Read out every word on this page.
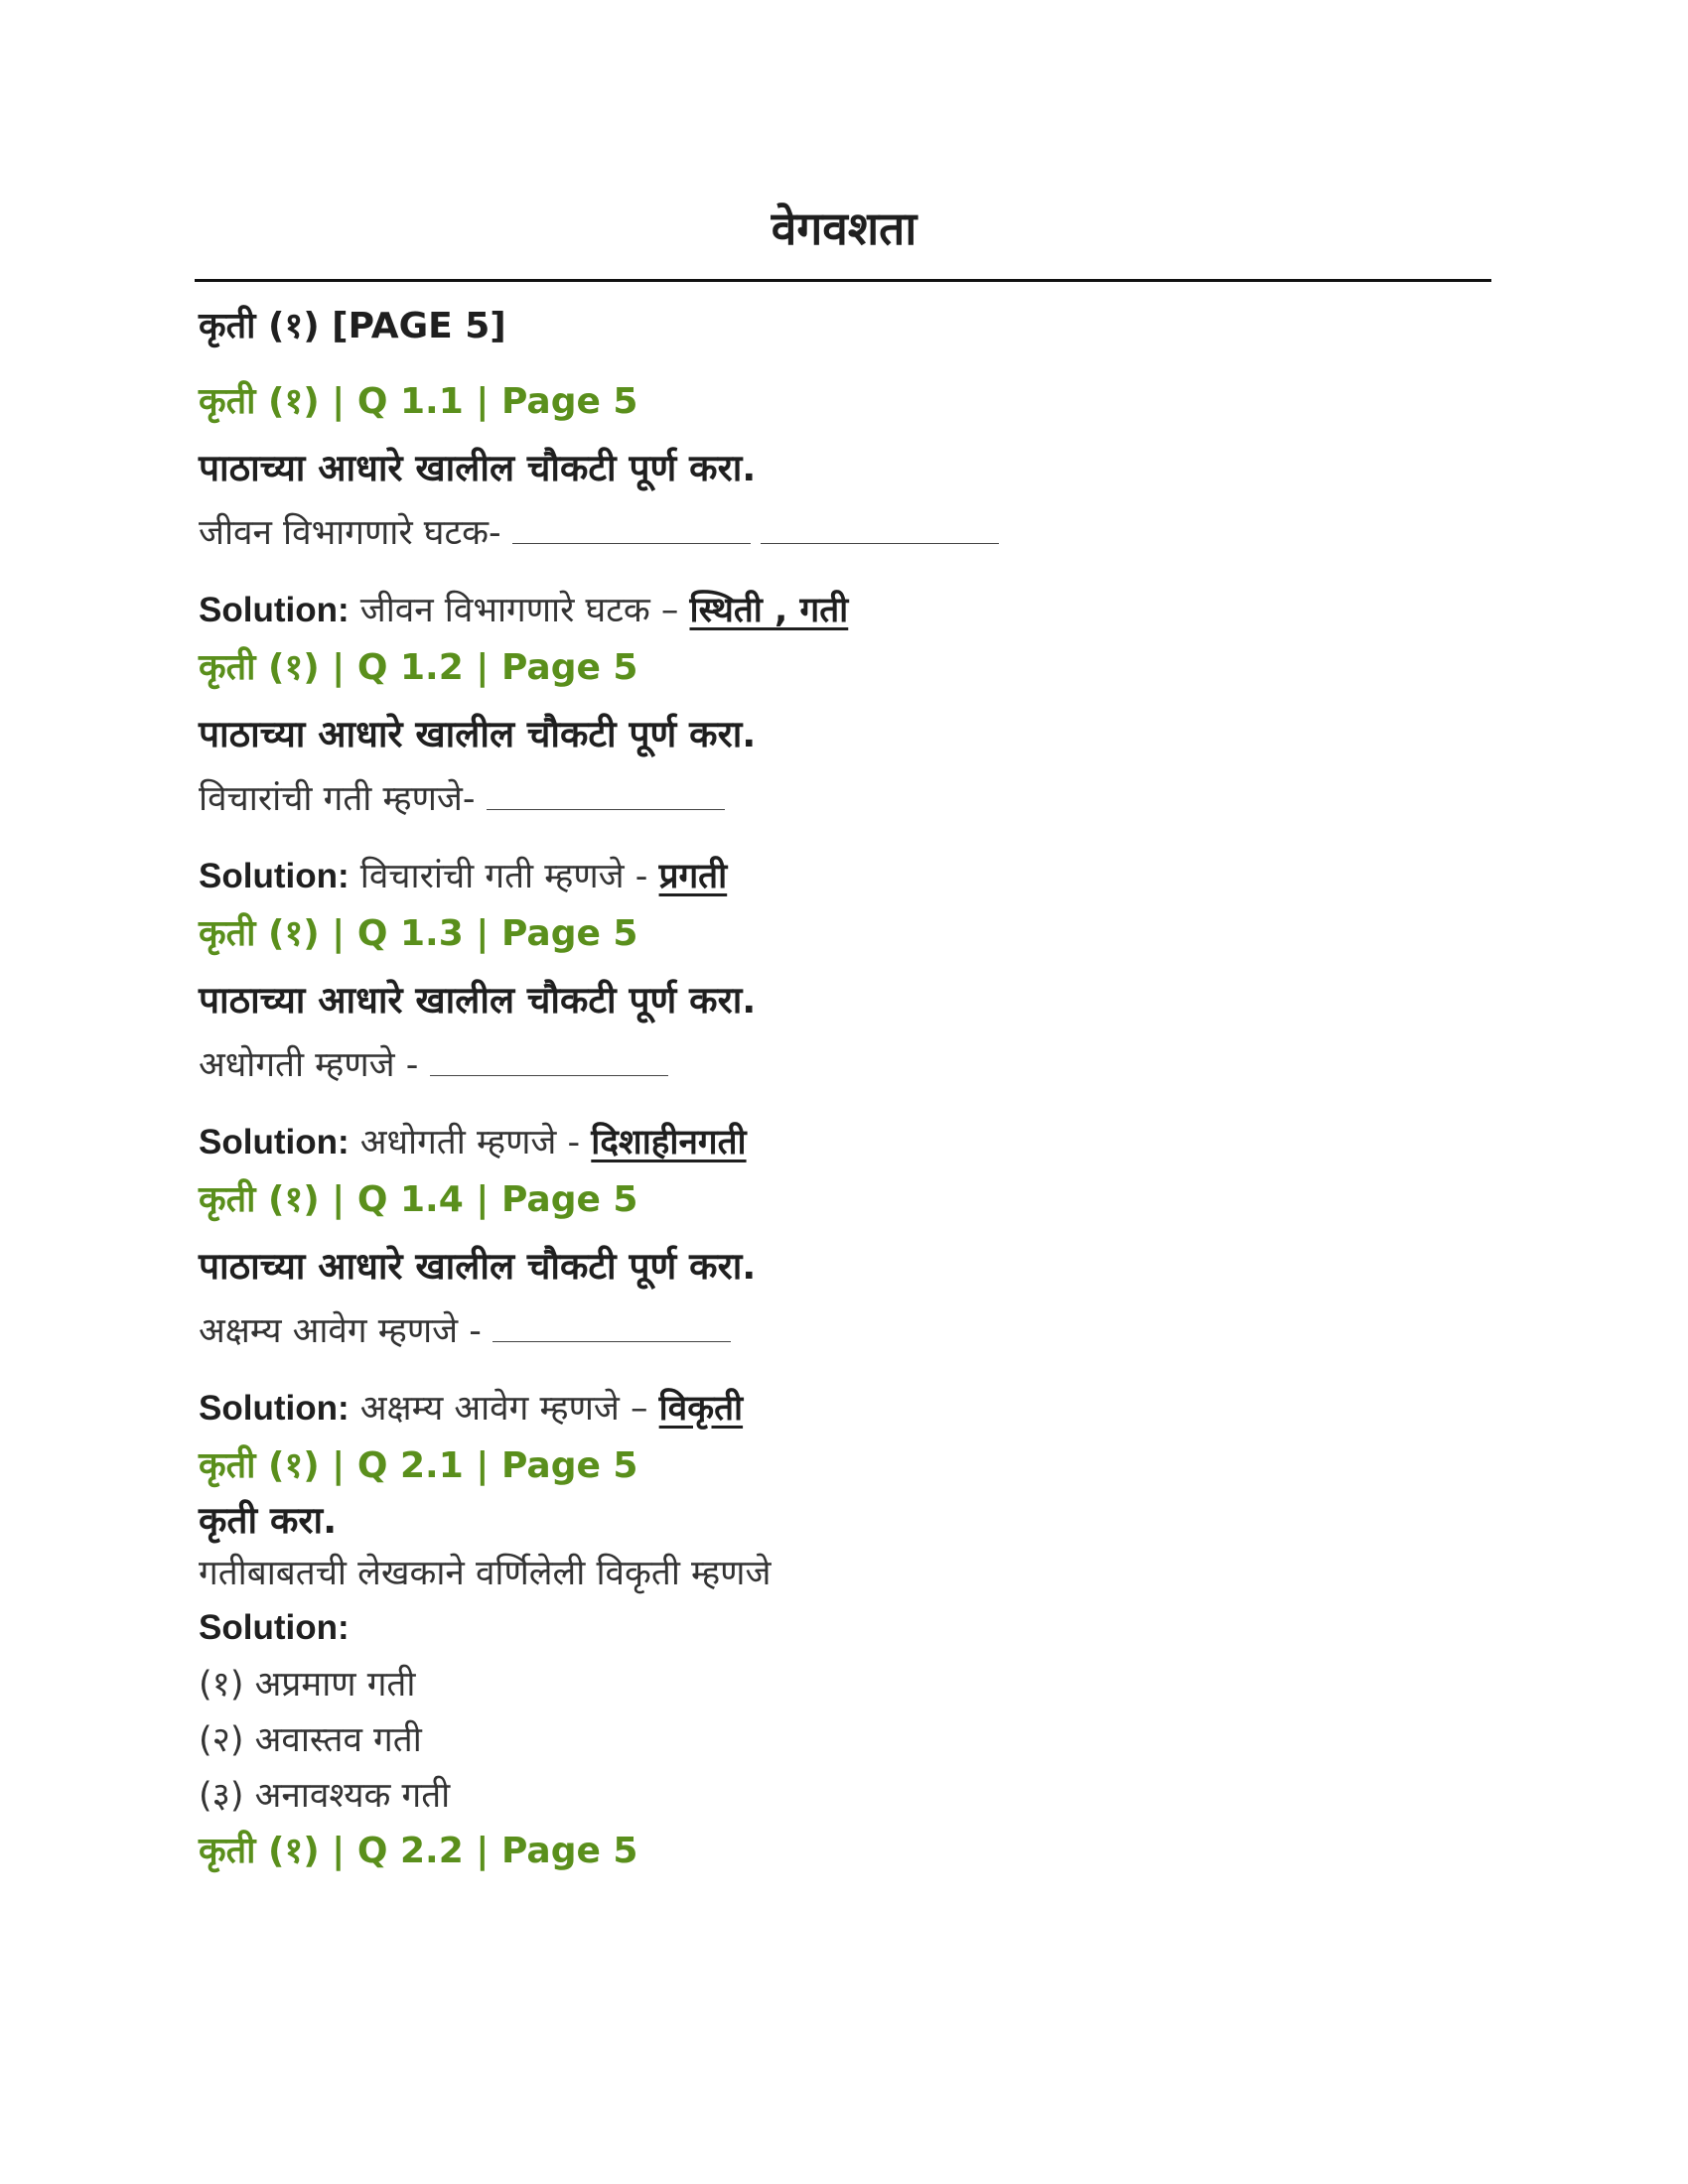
वेगवशता

कृती (१) [PAGE 5]

कृती (१) | Q 1.1 | Page 5

पाठाच्या आधारे खालील चौकटी पूर्ण करा.

जीवन विभागणारे घटक-

Solution: जीवन विभागणारे घटक – स्थिती , गती

कृती (१) | Q 1.2 | Page 5

पाठाच्या आधारे खालील चौकटी पूर्ण करा.

विचारांची गती म्हणजे-

Solution: विचारांची गती म्हणजे - प्रगती

कृती (१) | Q 1.3 | Page 5

पाठाच्या आधारे खालील चौकटी पूर्ण करा.

अधोगती म्हणजे -

Solution: अधोगती म्हणजे - दिशाहीनगती

कृती (१) | Q 1.4 | Page 5

पाठाच्या आधारे खालील चौकटी पूर्ण करा.

अक्षम्य आवेग म्हणजे -

Solution: अक्षम्य आवेग म्हणजे – विकृती

कृती (१) | Q 2.1 | Page 5

कृती करा.

गतीबाबतची लेखकाने वर्णिलेली विकृती म्हणजे

Solution:

(१) अप्रमाण गती

(२) अवास्तव गती

(३) अनावश्यक गती

कृती (१) | Q 2.2 | Page 5
